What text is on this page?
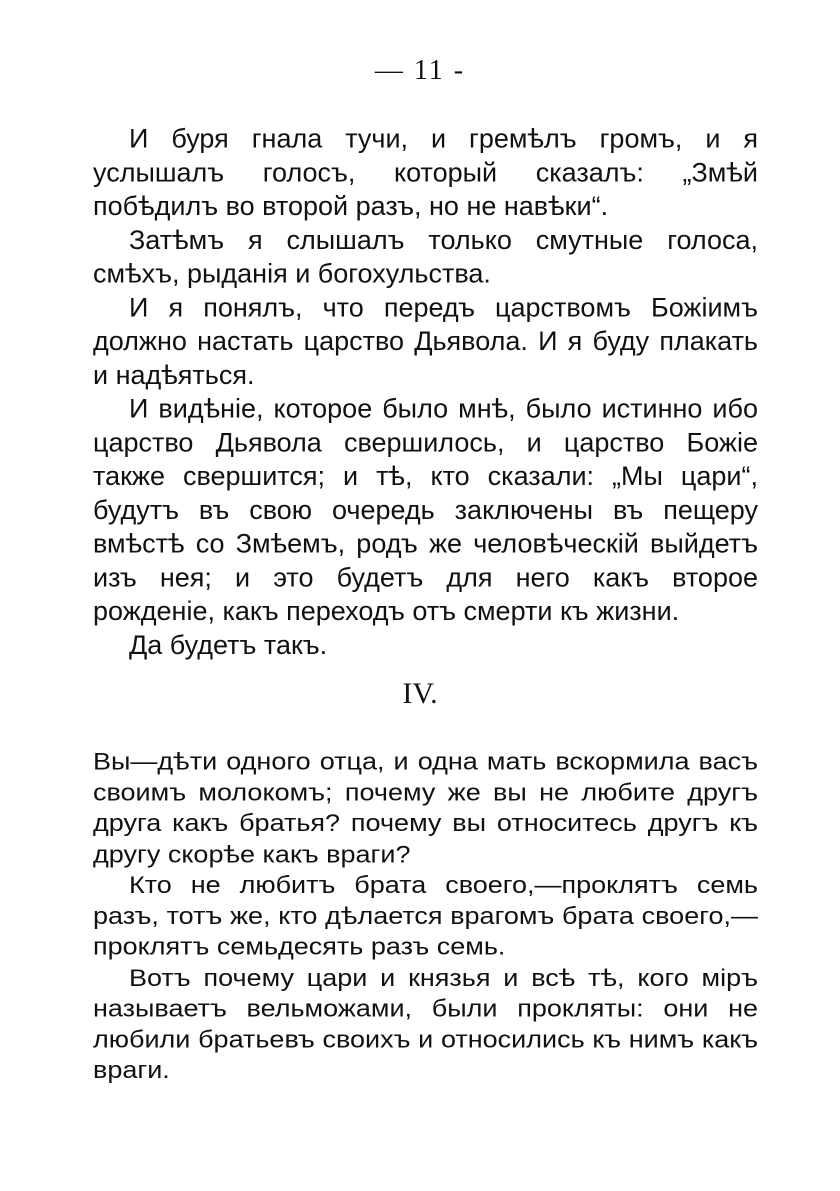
— 11 -

И буря гнала тучи, и гремѣлъ громъ, и я услышалъ голосъ, который сказалъ: „Змѣй побѣдилъ во второй разъ, но не навѣки“.

Затѣмъ я слышалъ только смутные голоса, смѣхъ, рыданія и богохульства.

И я понялъ, что передъ царствомъ Божіимъ должно настать царство Дьявола. И я буду плакать и надѣяться.

И видѣніе, которое было мнѣ, было истинно ибо царство Дьявола свершилось, и царство Божіе также свершится; и тѣ, кто сказали: „Мы цари“, будутъ въ свою очередь заключены въ пещеру вмѣстѣ со Змѣемъ, родъ же человѣческій выйдетъ изъ нея; и это будетъ для него какъ второе рожденіе, какъ переходъ отъ смерти къ жизни.

Да будетъ такъ.

IV.

Вы—дѣти одного отца, и одна мать вскормила васъ своимъ молокомъ; почему же вы не любите другъ друга какъ братья? почему вы относитесь другъ къ другу скорѣе какъ враги?

Кто не любитъ брата своего,—проклятъ семь разъ, тотъ же, кто дѣлается врагомъ брата своего,—проклятъ семьдесять разъ семь.

Вотъ почему цари и князья и всѣ тѣ, кого міръ называетъ вельможами, были прокляты: они не любили братьевъ своихъ и относились къ нимъ какъ враги.
